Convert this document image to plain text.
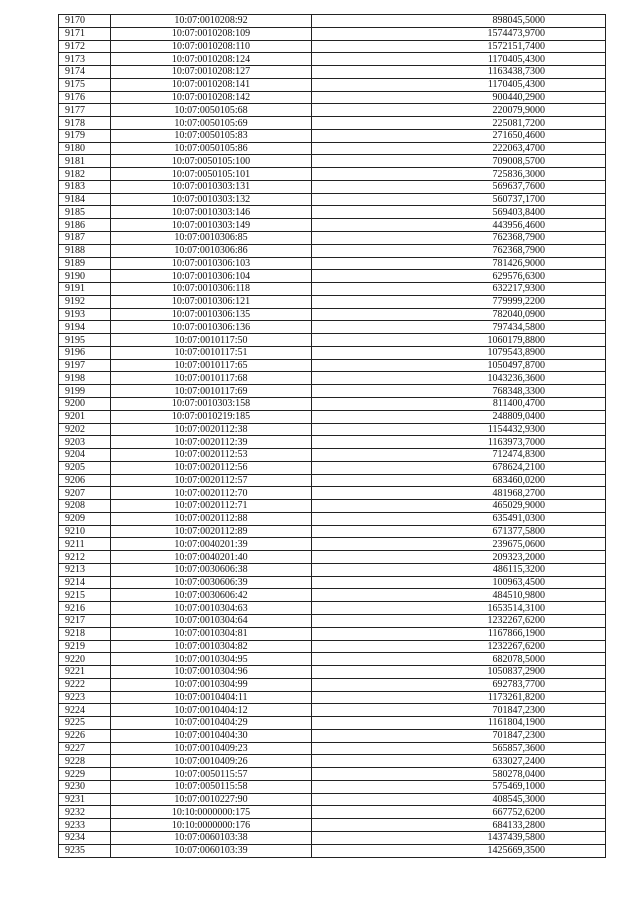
9170	10:07:0010208:92	898045,5000
9171	10:07:0010208:109	1574473,9700
9172	10:07:0010208:110	1572151,7400
9173	10:07:0010208:124	1170405,4300
9174	10:07:0010208:127	1163438,7300
9175	10:07:0010208:141	1170405,4300
9176	10:07:0010208:142	900440,2900
9177	10:07:0050105:68	220079,9000
9178	10:07:0050105:69	225081,7200
9179	10:07:0050105:83	271650,4600
9180	10:07:0050105:86	222063,4700
9181	10:07:0050105:100	709008,5700
9182	10:07:0050105:101	725836,3000
9183	10:07:0010303:131	569637,7600
9184	10:07:0010303:132	560737,1700
9185	10:07:0010303:146	569403,8400
9186	10:07:0010303:149	443956,4600
9187	10:07:0010306:85	762368,7900
9188	10:07:0010306:86	762368,7900
9189	10:07:0010306:103	781426,9000
9190	10:07:0010306:104	629576,6300
9191	10:07:0010306:118	632217,9300
9192	10:07:0010306:121	779999,2200
9193	10:07:0010306:135	782040,0900
9194	10:07:0010306:136	797434,5800
9195	10:07:0010117:50	1060179,8800
9196	10:07:0010117:51	1079543,8900
9197	10:07:0010117:65	1050497,8700
9198	10:07:0010117:68	1043236,3600
9199	10:07:0010117:69	768348,3300
9200	10:07:0010303:158	811400,4700
9201	10:07:0010219:185	248809,0400
9202	10:07:0020112:38	1154432,9300
9203	10:07:0020112:39	1163973,7000
9204	10:07:0020112:53	712474,8300
9205	10:07:0020112:56	678624,2100
9206	10:07:0020112:57	683460,0200
9207	10:07:0020112:70	481968,2700
9208	10:07:0020112:71	465029,9000
9209	10:07:0020112:88	635491,0300
9210	10:07:0020112:89	671377,5800
9211	10:07:0040201:39	239675,0600
9212	10:07:0040201:40	209323,2000
9213	10:07:0030606:38	486115,3200
9214	10:07:0030606:39	100963,4500
9215	10:07:0030606:42	484510,9800
9216	10:07:0010304:63	1653514,3100
9217	10:07:0010304:64	1232267,6200
9218	10:07:0010304:81	1167866,1900
9219	10:07:0010304:82	1232267,6200
9220	10:07:0010304:95	682078,5000
9221	10:07:0010304:96	1050837,2900
9222	10:07:0010304:99	692783,7700
9223	10:07:0010404:11	1173261,8200
9224	10:07:0010404:12	701847,2300
9225	10:07:0010404:29	1161804,1900
9226	10:07:0010404:30	701847,2300
9227	10:07:0010409:23	565857,3600
9228	10:07:0010409:26	633027,2400
9229	10:07:0050115:57	580278,0400
9230	10:07:0050115:58	575469,1000
9231	10:07:0010227:90	408545,3000
9232	10:10:0000000:175	667752,6200
9233	10:10:0000000:176	684133,2800
9234	10:07:0060103:38	1437439,5800
9235	10:07:0060103:39	1425669,3500
